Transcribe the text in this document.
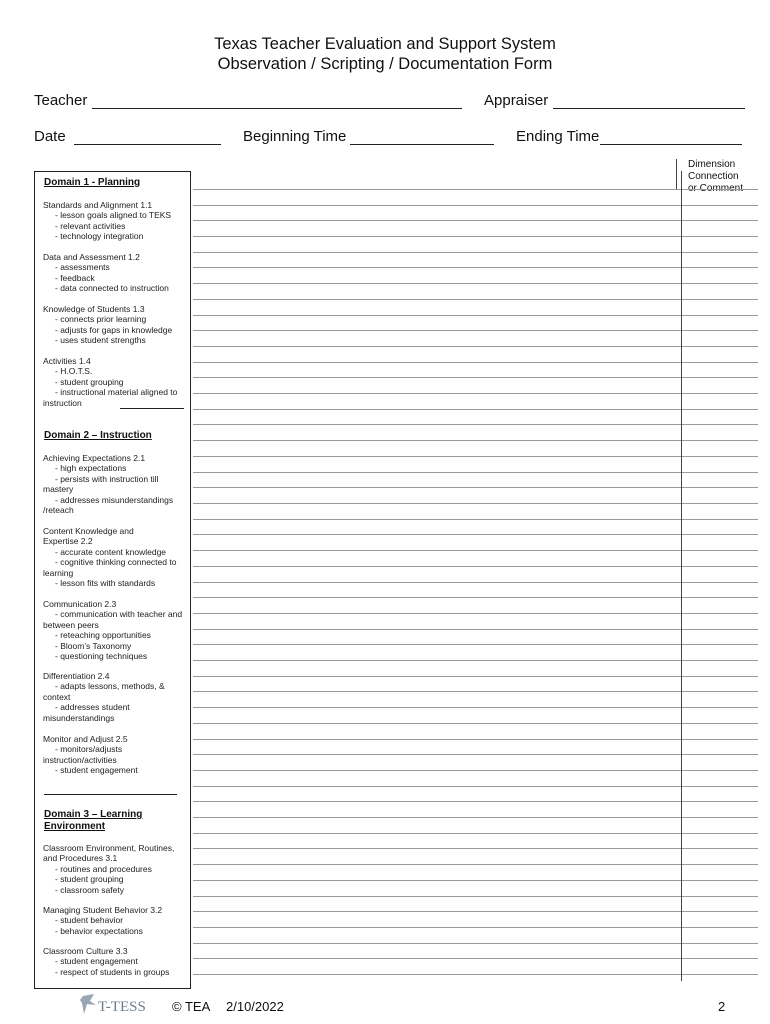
Texas Teacher Evaluation and Support System
Observation / Scripting / Documentation Form
Teacher	Appraiser
Date	Beginning Time	Ending Time
Dimension
Connection
or Comment
Domain 1 - Planning
Standards and Alignment 1.1
- lesson goals aligned to TEKS
- relevant activities
- technology integration
Data and Assessment 1.2
- assessments
- feedback
- data connected to instruction
Knowledge of Students 1.3
- connects prior learning
- adjusts for gaps in knowledge
- uses student strengths
Activities 1.4
- H.O.T.S.
- student grouping
- instructional material aligned to instruction
Domain 2 – Instruction
Achieving Expectations 2.1
- high expectations
- persists with instruction till mastery
- addresses misunderstandings /reteach
Content Knowledge and Expertise 2.2
- accurate content knowledge
- cognitive thinking connected to learning
- lesson fits with standards
Communication 2.3
- communication with teacher and between peers
- reteaching opportunities
- Bloom’s Taxonomy
- questioning techniques
Differentiation 2.4
- adapts lessons, methods, & context
- addresses student misunderstandings
Monitor and Adjust 2.5
- monitors/adjusts instruction/activities
- student engagement
Domain 3 – Learning Environment
Classroom Environment, Routines, and Procedures 3.1
- routines and procedures
- student grouping
- classroom safety
Managing Student Behavior 3.2
- student behavior
- behavior expectations
Classroom Culture 3.3
- student engagement
- respect of students in groups
T-TESS © TEA 2/10/2022	2
